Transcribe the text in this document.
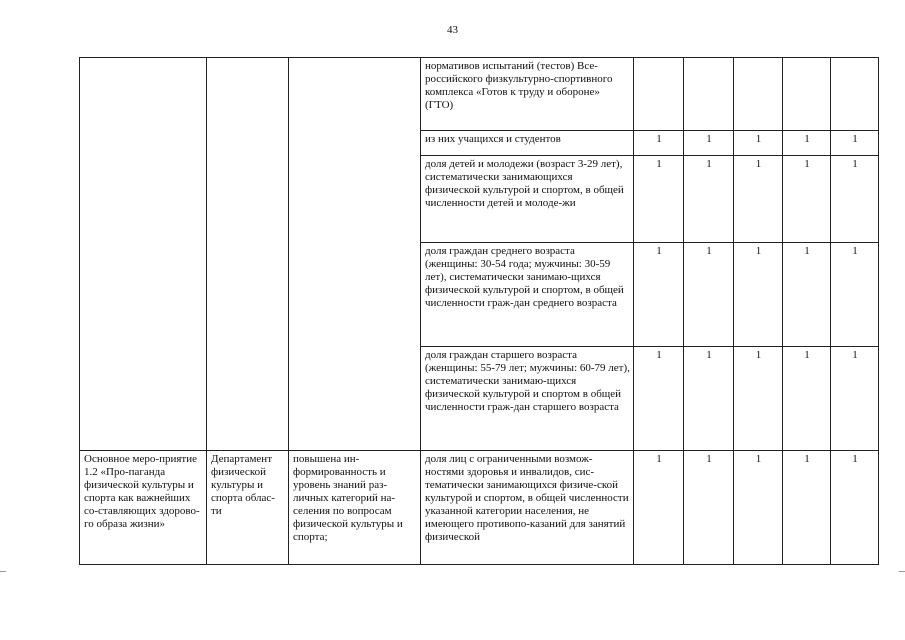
43
			нормативов испытаний (тестов) Все-российского физкультурно-спортивного комплекса «Готов к труду и обороне» (ГТО)					
			из них учащихся и студентов	1	1	1	1	1
			доля детей и молодежи (возраст 3-29 лет), систематически занимающихся физической культурой и спортом, в общей численности детей и молоде-жи	1	1	1	1	1
			доля граждан среднего возраста (женщины: 30-54 года; мужчины: 30-59 лет), систематически занимаю-щихся физической культурой и спортом, в общей численности граж-дан среднего возраста	1	1	1	1	1
			доля граждан старшего возраста (женщины: 55-79 лет; мужчины: 60-79 лет), систематически занимаю-щихся физической культурой и спортом в общей численности граж-дан старшего возраста	1	1	1	1	1
Основное меро-приятие 1.2 «Про-паганда физической культуры и спорта как важнейших со-ставляющих здорово-го образа жизни»	Департамент физической культуры и спорта облас-ти	повышена ин-формированность и уровень знаний раз-личных категорий на-селения по вопросам физической культуры и спорта;	доля лиц с ограниченными возмож-ностями здоровья и инвалидов, сис-тематически занимающихся физиче-ской культурой и спортом, в общей численности указанной категории населения, не имеющего противопо-казаний для занятий физической	1	1	1	1	1
